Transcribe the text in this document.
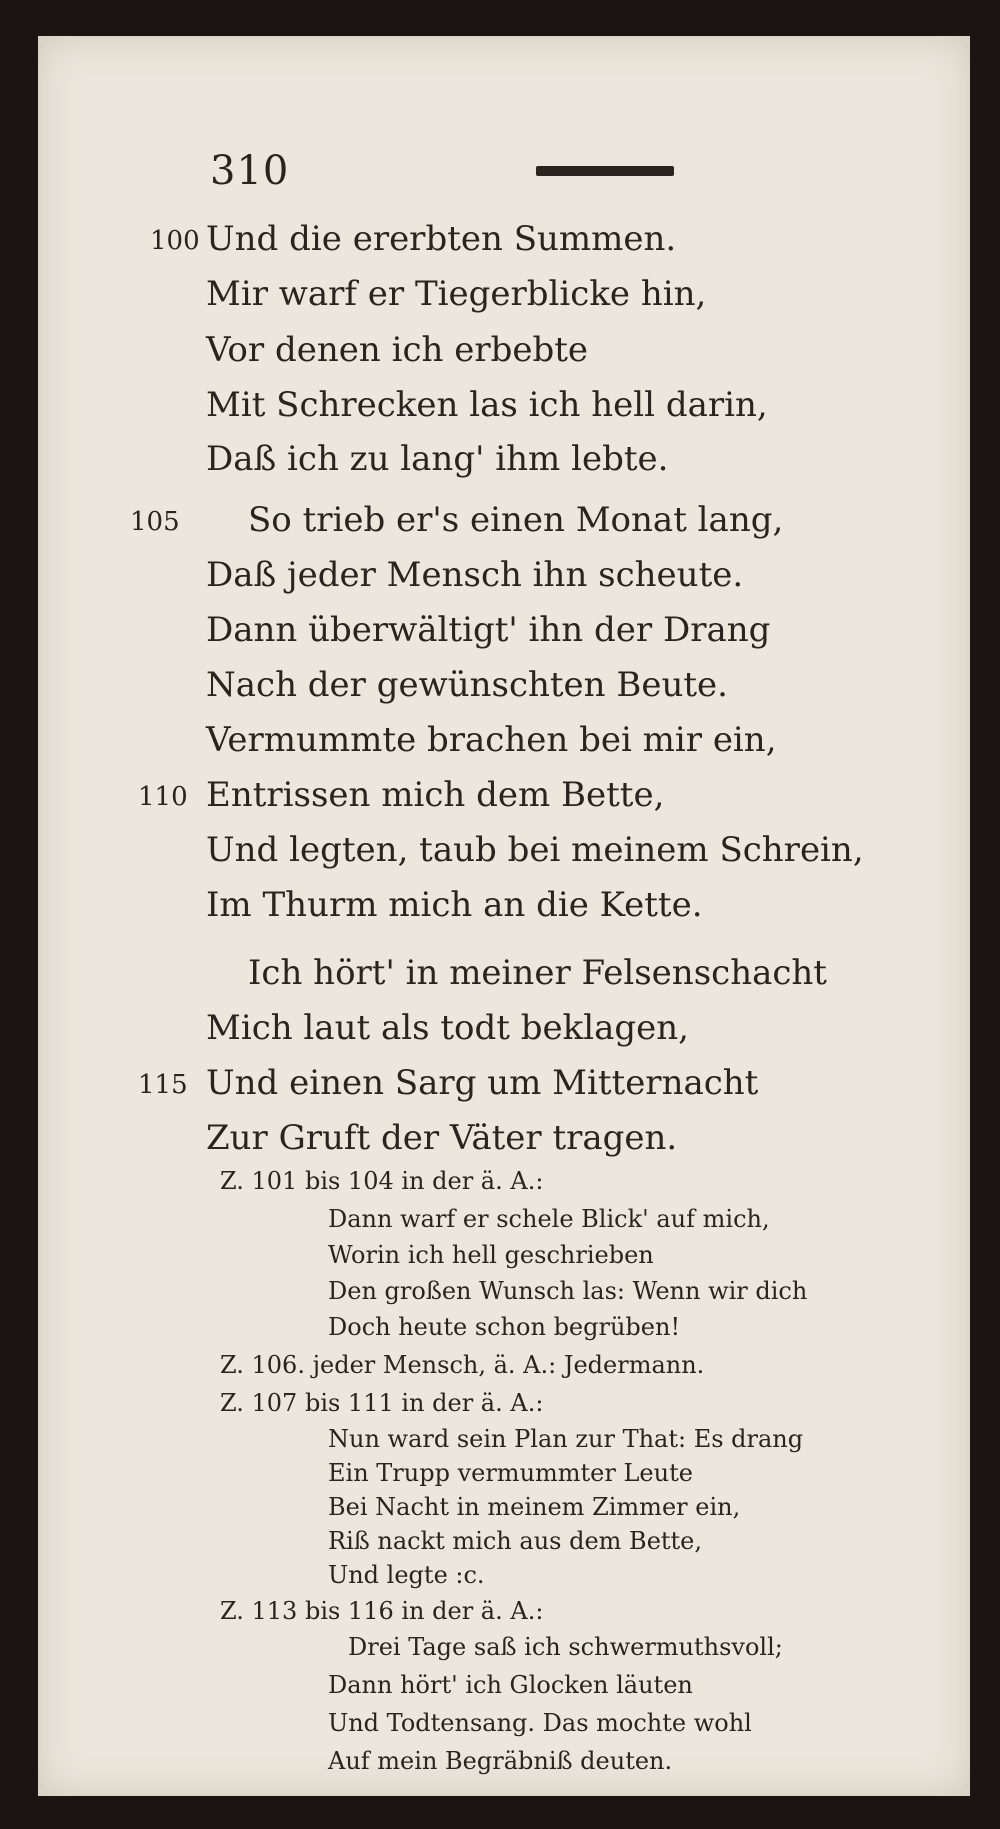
310
100 Und die ererbten Summen.
Mir warf er Tiegerblicke hin,
Vor denen ich erbebte
Mit Schrecken las ich hell darin,
Daß ich zu lang' ihm lebte.
105 So trieb er's einen Monat lang,
Daß jeder Mensch ihn scheute.
Dann überwältigt' ihn der Drang
Nach der gewünschten Beute.
Vermummte brachen bei mir ein,
110 Entrissen mich dem Bette,
Und legten, taub bei meinem Schrein,
Im Thurm mich an die Kette.
Ich hört' in meiner Felsenschacht
Mich laut als todt beklagen,
115 Und einen Sarg um Mitternacht
Zur Gruft der Väter tragen.
Z. 101 bis 104 in der ä. A.:
Dann warf er schele Blick' auf mich,
Worin ich hell geschrieben
Den großen Wunsch las: Wenn wir dich
Doch heute schon begrüben!
Z. 106. jeder Mensch, ä. A.: Jedermann.
Z. 107 bis 111 in der ä. A.:
Nun ward sein Plan zur That: Es drang
Ein Trupp vermummter Leute
Bei Nacht in meinem Zimmer ein,
Riß nackt mich aus dem Bette,
Und legte :c.
Z. 113 bis 116 in der ä. A.:
Drei Tage saß ich schwermuthsvoll;
Dann hört' ich Glocken läuten
Und Todtensang. Das mochte wohl
Auf mein Begräbniß deuten.
